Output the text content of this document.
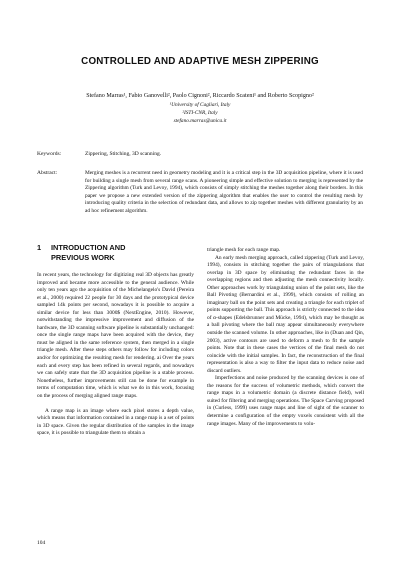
CONTROLLED AND ADAPTIVE MESH ZIPPERING
Stefano Marras¹, Fabio Ganovelli², Paolo Cignoni², Riccardo Scateni¹ and Roberto Scopigno²
¹University of Cagliari, Italy
²ISTI-CNR, Italy
stefano.marras@unica.it
Keywords:	Zippering, Stitching, 3D scanning.
Abstract:	Merging meshes is a recurrent need in geometry modeling and it is a critical step in the 3D acquisition pipeline, where it is used for building a single mesh from several range scans. A pioneering simple and effective solution to merging is represented by the Zippering algorithm (Turk and Levoy, 1994), which consists of simply stitching the meshes together along their borders. In this paper we propose a new extended version of the zippering algorithm that enables the user to control the resulting mesh by introducing quality criteria in the selection of redundant data, and allows to zip together meshes with different granularity by an ad hoc refinement algorithm.
1 INTRODUCTION AND
PREVIOUS WORK

In recent years, the technology for digitizing real 3D objects has greatly improved and became more accessible to the general audience. While only ten years ago the acquisition of the Michelangelo's David (Pereira et al., 2000) required 22 people for 30 days and the prototypical device sampled 14k points per second, nowadays it is possible to acquire a similar device for less than 3000$ (NextEngine, 2010). However, notwithstanding the impressive improvement and diffusion of the hardware, the 3D scanning software pipeline is substantially unchanged: once the single range maps have been acquired with the device, they must be aligned in the same reference system, then merged in a single triangle mesh. After these steps others may follow for including colors and/or for optimizing the resulting mesh for rendering. ai Over the years each and every step has been refined in several regards, and nowadays we can safely state that the 3D acquisition pipeline is a stable process. Nonetheless, further improvements still can be done for example in terms of computation time, which is what we do in this work, focusing on the process of merging aligned range maps.

A range map is an image where each pixel stores a depth value, which means that information contained in a range map is a set of points in 3D space. Given the regular distribution of the samples in the image space, it is possible to triangulate them to obtain a

triangle mesh for each range map.

An early mesh merging approach, called zippering (Turk and Levoy, 1994), consists in stitching together the pairs of triangulations that overlap in 3D space by eliminating the redundant faces in the overlapping regions and then adjusting the mesh connectivity locally. Other approaches work by triangulating union of the point sets, like the Ball Pivoting (Bernardini et al., 1999), which consists of rolling an imaginary ball on the point sets and creating a triangle for each triplet of points supporting the ball. This approach is strictly connected to the idea of α-shapes (Edelsbrunner and Mücke, 1994), which may be thought as a ball pivoting where the ball may appear simultaneously everywhere outside the scanned volume. In other approaches, like in (Duan and Qin, 2003), active contours are used to deform a mesh to fit the sample points. Note that in these cases the vertices of the final mesh do not coincide with the initial samples. In fact, the reconstruction of the final representation is also a way to filter the input data to reduce noise and discard outliers.

Imperfections and noise produced by the scanning devices is one of the reasons for the success of volumetric methods, which convert the range maps in a volumetric domain (a discrete distance field), well suited for filtering and merging operations. The Space Carving proposed in (Curless, 1999) uses range maps and line of sight of the scanner to determine a configuration of the empty voxels consistent with all the range images. Many of the improvements to volu-

104
